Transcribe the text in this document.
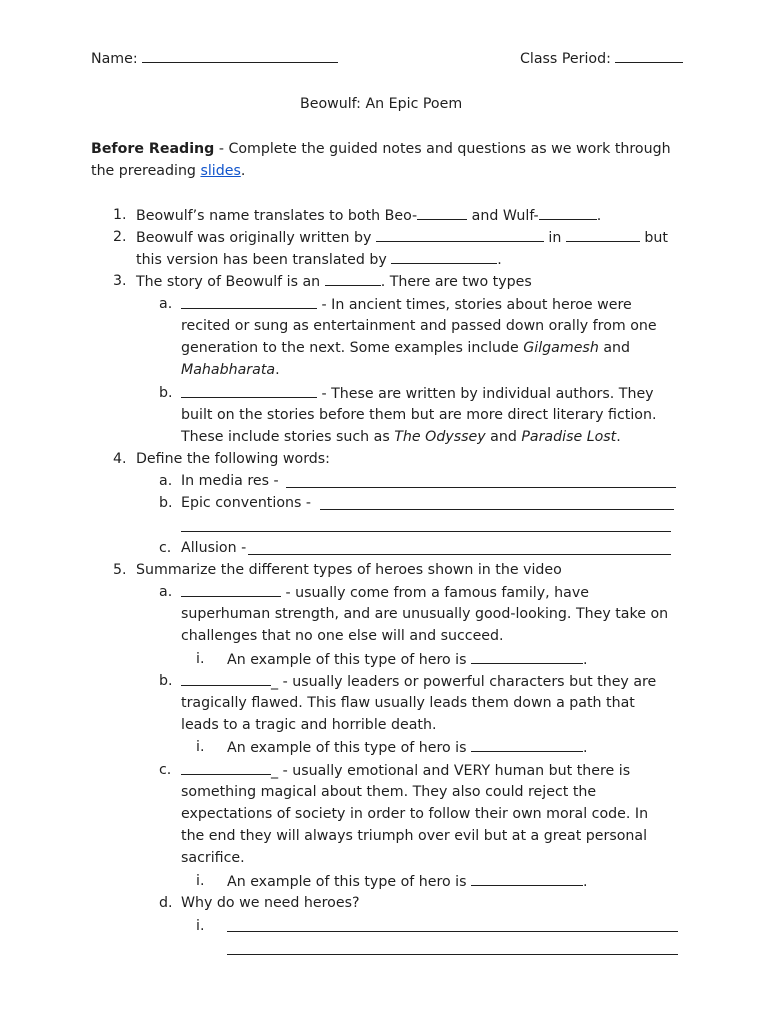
Name:	Class Period:
Beowulf: An Epic Poem
Before Reading - Complete the guided notes and questions as we work through
the prereading slides.
1. Beowulf’s name translates to both Beo-	and Wulf-	.
2. Beowulf was originally written by	in	but
this version has been translated by	.
3. The story of Beowulf is an	. There are two types
a.	- In ancient times, stories about heroe were
recited or sung as entertainment and passed down orally from one
generation to the next. Some examples include Gilgamesh and
Mahabharata.
b.	- These are written by individual authors. They
built on the stories before them but are more direct literary fiction.
These include stories such as The Odyssey and Paradise Lost.
4. Define the following words:
a. In media res -
b. Epic conventions -
c. Allusion -
5. Summarize the different types of heroes shown in the video
a.	- usually come from a famous family, have
superhuman strength, and are unusually good-looking. They take on
challenges that no one else will and succeed.
i. An example of this type of hero is	.
b.	_ - usually leaders or powerful characters but they are
tragically flawed. This flaw usually leads them down a path that
leads to a tragic and horrible death.
i. An example of this type of hero is	.
c.	_ - usually emotional and VERY human but there is
something magical about them. They also could reject the
expectations of society in order to follow their own moral code. In
the end they will always triumph over evil but at a great personal
sacrifice.
i. An example of this type of hero is	.
d. Why do we need heroes?
i.
